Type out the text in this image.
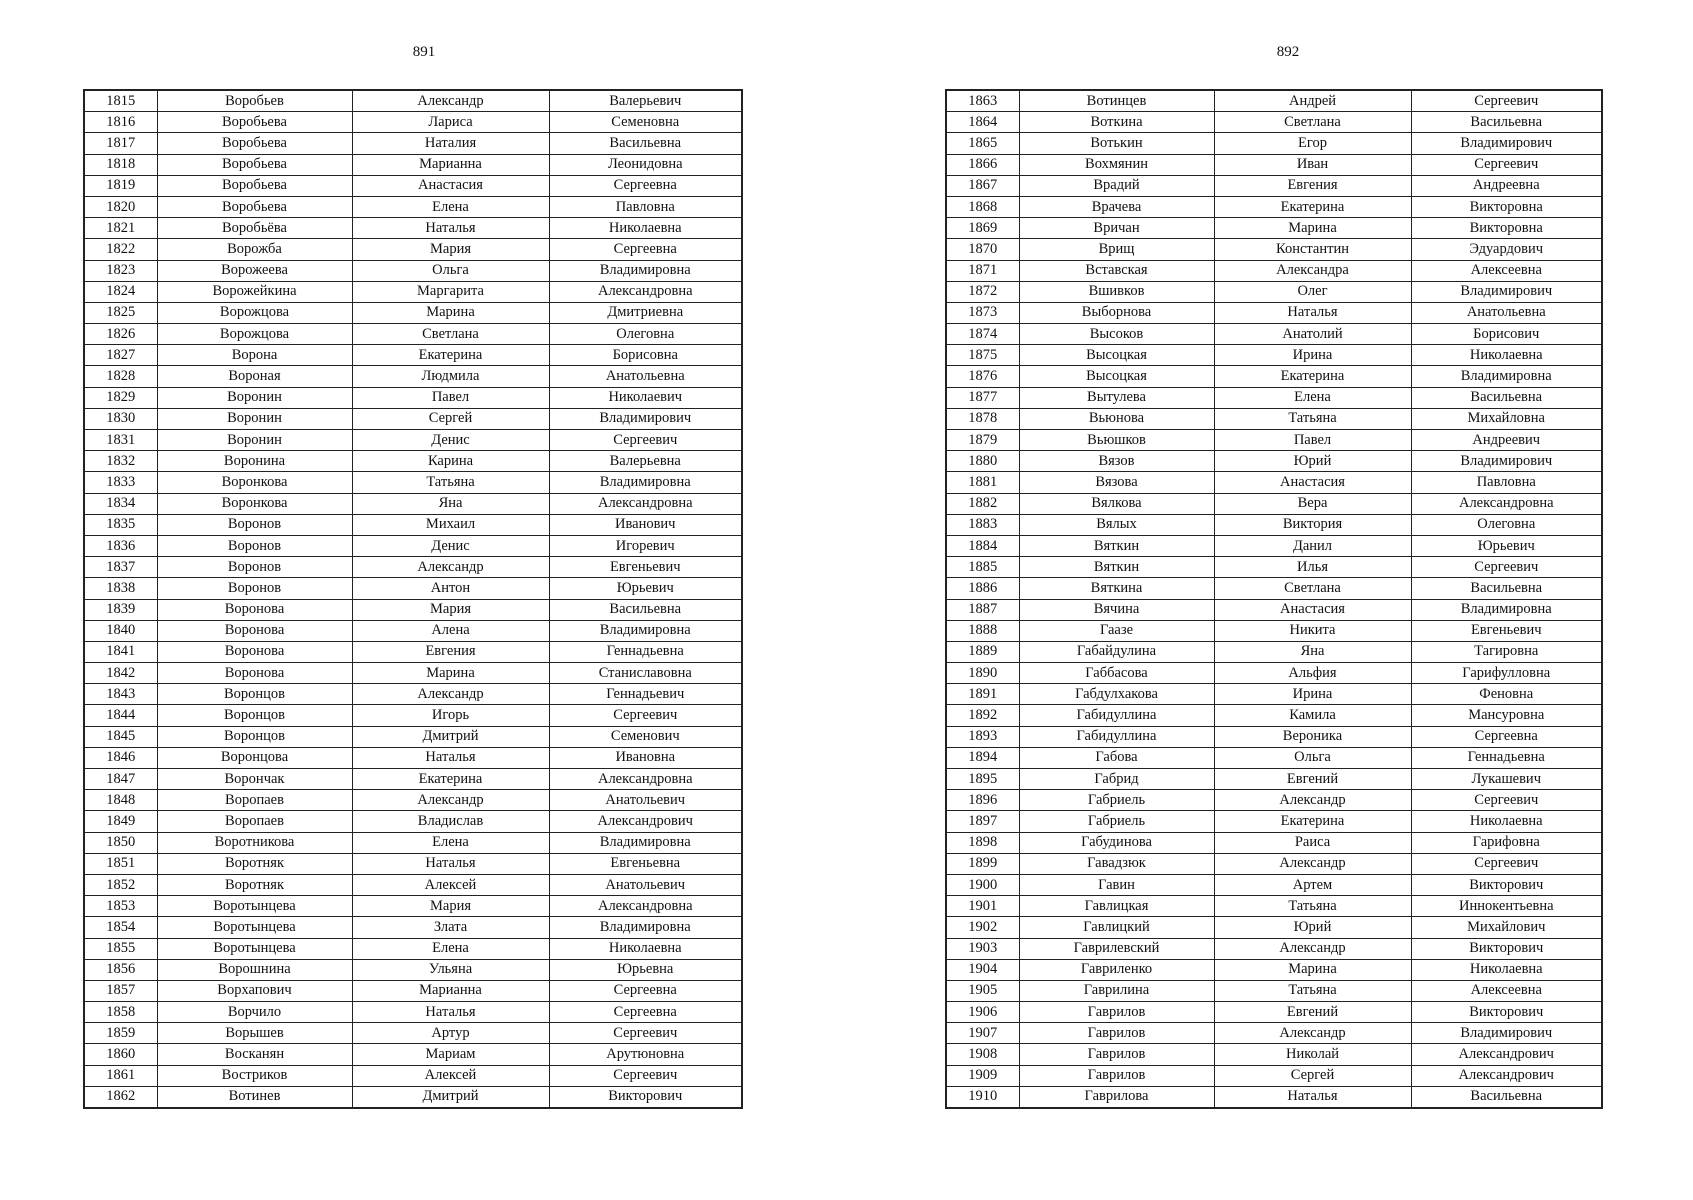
891	892
1815	Воробьев	Александр	Валерьевич
1816	Воробьева	Лариса	Семеновна
1817	Воробьева	Наталия	Васильевна
1818	Воробьева	Марианна	Леонидовна
1819	Воробьева	Анастасия	Сергеевна
1820	Воробьева	Елена	Павловна
1821	Воробьёва	Наталья	Николаевна
1822	Ворожба	Мария	Сергеевна
1823	Ворожеева	Ольга	Владимировна
1824	Ворожейкина	Маргарита	Александровна
1825	Ворожцова	Марина	Дмитриевна
1826	Ворожцова	Светлана	Олеговна
1827	Ворона	Екатерина	Борисовна
1828	Вороная	Людмила	Анатольевна
1829	Воронин	Павел	Николаевич
1830	Воронин	Сергей	Владимирович
1831	Воронин	Денис	Сергеевич
1832	Воронина	Карина	Валерьевна
1833	Воронкова	Татьяна	Владимировна
1834	Воронкова	Яна	Александровна
1835	Воронов	Михаил	Иванович
1836	Воронов	Денис	Игоревич
1837	Воронов	Александр	Евгеньевич
1838	Воронов	Антон	Юрьевич
1839	Воронова	Мария	Васильевна
1840	Воронова	Алена	Владимировна
1841	Воронова	Евгения	Геннадьевна
1842	Воронова	Марина	Станиславовна
1843	Воронцов	Александр	Геннадьевич
1844	Воронцов	Игорь	Сергеевич
1845	Воронцов	Дмитрий	Семенович
1846	Воронцова	Наталья	Ивановна
1847	Ворончак	Екатерина	Александровна
1848	Воропаев	Александр	Анатольевич
1849	Воропаев	Владислав	Александрович
1850	Воротникова	Елена	Владимировна
1851	Воротняк	Наталья	Евгеньевна
1852	Воротняк	Алексей	Анатольевич
1853	Воротынцева	Мария	Александровна
1854	Воротынцева	Злата	Владимировна
1855	Воротынцева	Елена	Николаевна
1856	Ворошнина	Ульяна	Юрьевна
1857	Ворхапович	Марианна	Сергеевна
1858	Ворчило	Наталья	Сергеевна
1859	Ворышев	Артур	Сергеевич
1860	Восканян	Мариам	Арутюновна
1861	Востриков	Алексей	Сергеевич
1862	Вотинев	Дмитрий	Викторович
1863	Вотинцев	Андрей	Сергеевич
1864	Воткина	Светлана	Васильевна
1865	Вотькин	Егор	Владимирович
1866	Вохмянин	Иван	Сергеевич
1867	Врадий	Евгения	Андреевна
1868	Врачева	Екатерина	Викторовна
1869	Вричан	Марина	Викторовна
1870	Врищ	Константин	Эдуардович
1871	Вставская	Александра	Алексеевна
1872	Вшивков	Олег	Владимирович
1873	Выборнова	Наталья	Анатольевна
1874	Высоков	Анатолий	Борисович
1875	Высоцкая	Ирина	Николаевна
1876	Высоцкая	Екатерина	Владимировна
1877	Вытулева	Елена	Васильевна
1878	Вьюнова	Татьяна	Михайловна
1879	Вьюшков	Павел	Андреевич
1880	Вязов	Юрий	Владимирович
1881	Вязова	Анастасия	Павловна
1882	Вялкова	Вера	Александровна
1883	Вялых	Виктория	Олеговна
1884	Вяткин	Данил	Юрьевич
1885	Вяткин	Илья	Сергеевич
1886	Вяткина	Светлана	Васильевна
1887	Вячина	Анастасия	Владимировна
1888	Гаазе	Никита	Евгеньевич
1889	Габайдулина	Яна	Тагировна
1890	Габбасова	Альфия	Гарифулловна
1891	Габдулхакова	Ирина	Феновна
1892	Габидуллина	Камила	Мансуровна
1893	Габидуллина	Вероника	Сергеевна
1894	Габова	Ольга	Геннадьевна
1895	Габрид	Евгений	Лукашевич
1896	Габриель	Александр	Сергеевич
1897	Габриель	Екатерина	Николаевна
1898	Габудинова	Раиса	Гарифовна
1899	Гавадзюк	Александр	Сергеевич
1900	Гавин	Артем	Викторович
1901	Гавлицкая	Татьяна	Иннокентьевна
1902	Гавлицкий	Юрий	Михайлович
1903	Гаврилевский	Александр	Викторович
1904	Гавриленко	Марина	Николаевна
1905	Гаврилина	Татьяна	Алексеевна
1906	Гаврилов	Евгений	Викторович
1907	Гаврилов	Александр	Владимирович
1908	Гаврилов	Николай	Александрович
1909	Гаврилов	Сергей	Александрович
1910	Гаврилова	Наталья	Васильевна
